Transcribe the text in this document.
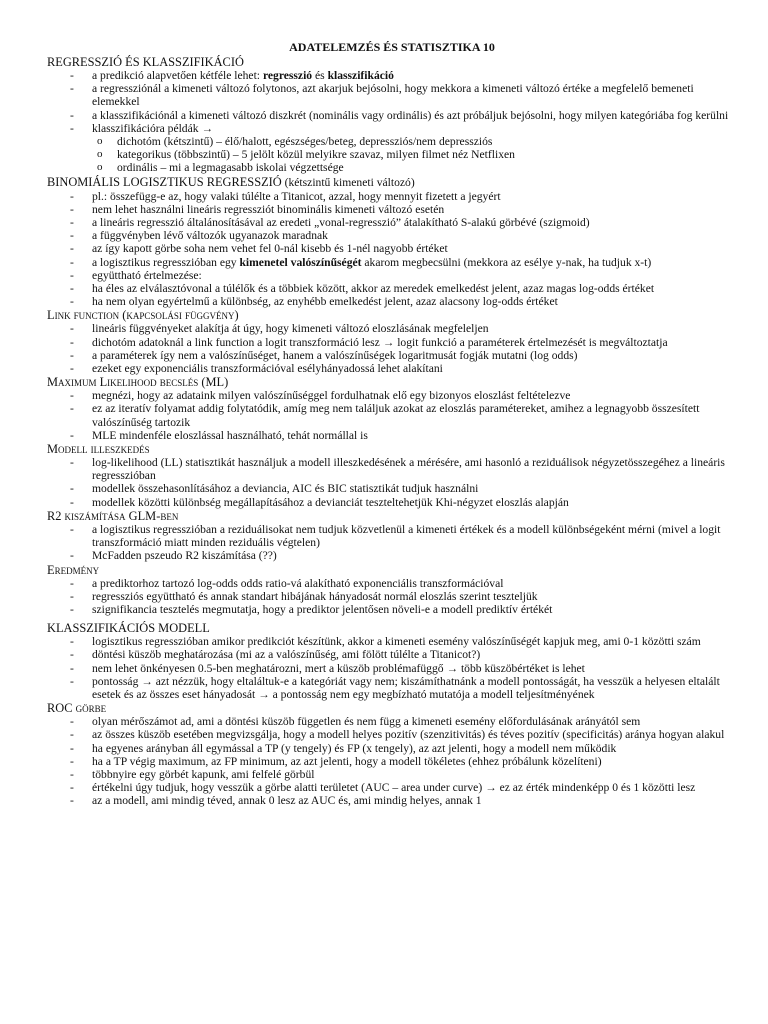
ADATELEMZÉS ÉS STATISZTIKA 10
REGRESSZIÓ ÉS KLASSZIFIKÁCIÓ
- a predikció alapvetően kétféle lehet: regresszió és klasszifikáció
- a regressziónál a kimeneti változó folytonos, azt akarjuk bejósolni, hogy mekkora a kimeneti változó értéke a megfelelő bemeneti elemekkel
- a klasszifikációnál a kimeneti változó diszkrét (nominális vagy ordinális) és azt próbáljuk bejósolni, hogy milyen kategóriába fog kerülni
- klasszifikációra példák →
o dichotóm (kétszintű) – élő/halott, egészséges/beteg, depressziós/nem depressziós
o kategorikus (többszintű) – 5 jelölt közül melyikre szavaz, milyen filmet néz Netflixen
o ordinális – mi a legmagasabb iskolai végzettsége
BINOMIÁLIS LOGISZTIKUS REGRESSZIÓ (kétszintű kimeneti változó)
- pl.: összefügg-e az, hogy valaki túlélte a Titanicot, azzal, hogy mennyit fizetett a jegyért
- nem lehet használni lineáris regressziót binominális kimeneti változó esetén
- a lineáris regresszió általánosításával az eredeti „vonal-regresszió” átalakítható S-alakú görbévé (szigmoid)
- a függvényben lévő változók ugyanazok maradnak
- az így kapott görbe soha nem vehet fel 0-nál kisebb és 1-nél nagyobb értéket
- a logisztikus regresszióban egy kimenetel valószínűségét akarom megbecsülni (mekkora az esélye y-nak, ha tudjuk x-t)
- együttható értelmezése:
- ha éles az elválasztóvonal a túlélők és a többiek között, akkor az meredek emelkedést jelent, azaz magas log-odds értéket
- ha nem olyan egyértelmű a különbség, az enyhébb emelkedést jelent, azaz alacsony log-odds értéket
Link function (kapcsolási függvény)
- lineáris függvényeket alakítja át úgy, hogy kimeneti változó eloszlásának megfeleljen
- dichotóm adatoknál a link function a logit transzformáció lesz → logit funkció a paraméterek értelmezését is megváltoztatja
- a paraméterek így nem a valószínűséget, hanem a valószínűségek logaritmusát fogják mutatni (log odds)
- ezeket egy exponenciális transzformációval esélyhányadossá lehet alakítani
Maximum Likelihood becslés (ML)
- megnézi, hogy az adataink milyen valószínűséggel fordulhatnak elő egy bizonyos eloszlást feltételezve
- ez az iteratív folyamat addig folytatódik, amíg meg nem találjuk azokat az eloszlás paramétereket, amihez a legnagyobb összesített valószínűség tartozik
- MLE mindenféle eloszlással használható, tehát normállal is
Modell illeszkedés
- log-likelihood (LL) statisztikát használjuk a modell illeszkedésének a mérésére, ami hasonló a reziduálisok négyzetösszegéhez a lineáris regresszióban
- modellek összehasonlításához a deviancia, AIC és BIC statisztikát tudjuk használni
- modellek közötti különbség megállapításához a devianciát teszteltehetjük Khi-négyzet eloszlás alapján
R2 kiszámítása GLM-ben
- a logisztikus regresszióban a reziduálisokat nem tudjuk közvetlenül a kimeneti értékek és a modell különbségeként mérni (mivel a logit transzformáció miatt minden reziduális végtelen)
- McFadden pszeudo R2 kiszámítása (??)
Eredmény
- a prediktorhoz tartozó log-odds odds ratio-vá alakítható exponenciális transzformációval
- regressziós együttható és annak standart hibájának hányadosát normál eloszlás szerint teszteljük
- szignifikancia tesztelés megmutatja, hogy a prediktor jelentősen növeli-e a modell prediktív értékét
KLASSZIFIKÁCIÓS MODELL
- logisztikus regresszióban amikor predikciót készítünk, akkor a kimeneti esemény valószínűségét kapjuk meg, ami 0-1 közötti szám
- döntési küszöb meghatározása (mi az a valószínűség, ami fölött túlélte a Titanicot?)
- nem lehet önkényesen 0.5-ben meghatározni, mert a küszöb problémafüggő → több küszöbértéket is lehet
- pontosság → azt nézzük, hogy eltaláltuk-e a kategóriát vagy nem; kiszámíthatnánk a modell pontosságát, ha vesszük a helyesen eltalált esetek és az összes eset hányadosát → a pontosság nem egy megbízható mutatója a modell teljesítményének
ROC görbe
- olyan mérőszámot ad, ami a döntési küszöb független és nem függ a kimeneti esemény előfordulásának arányától sem
- az összes küszöb esetében megvizsgálja, hogy a modell helyes pozitív (szenzitivitás) és téves pozitív (specificitás) aránya hogyan alakul
- ha egyenes arányban áll egymással a TP (y tengely) és FP (x tengely), az azt jelenti, hogy a modell nem működik
- ha a TP végig maximum, az FP minimum, az azt jelenti, hogy a modell tökéletes (ehhez próbálunk közelíteni)
- többnyire egy görbét kapunk, ami felfelé görbül
- értékelni úgy tudjuk, hogy vesszük a görbe alatti területet (AUC – area under curve) → ez az érték mindenképp 0 és 1 közötti lesz
- az a modell, ami mindig téved, annak 0 lesz az AUC és, ami mindig helyes, annak 1
